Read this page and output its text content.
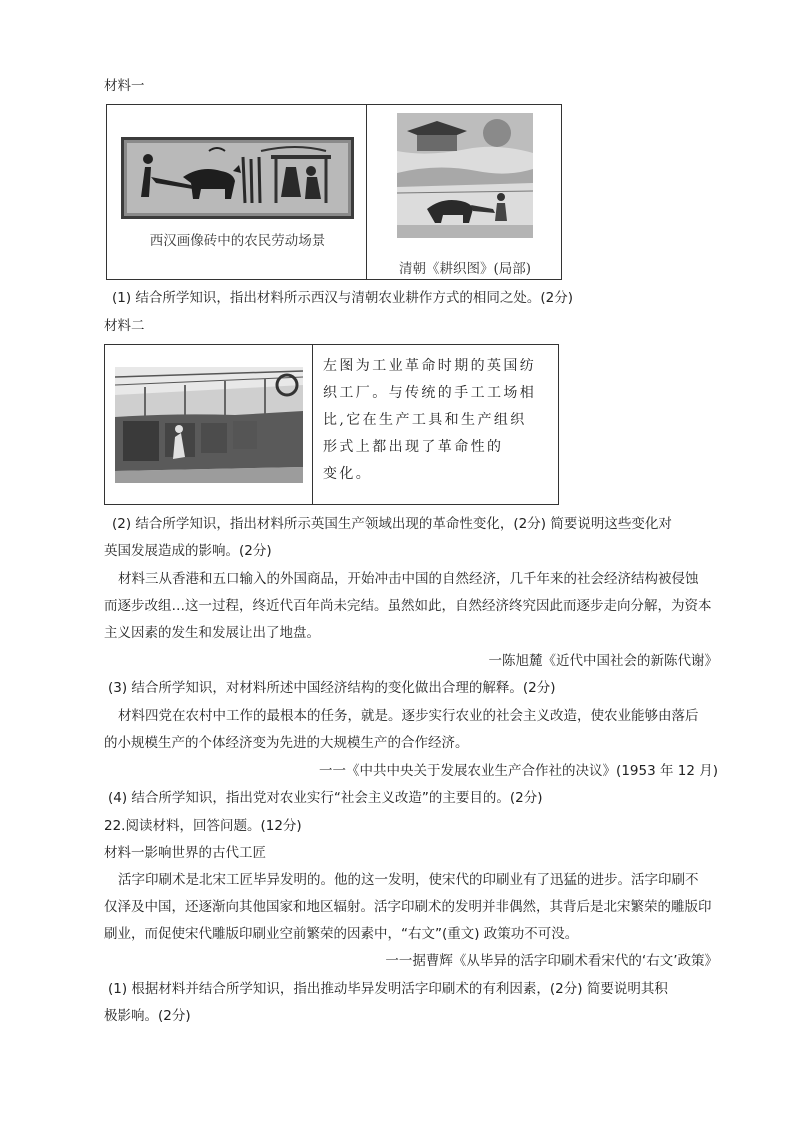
材料一
西汉画像砖中的农民劳动场景
清朝《耕织图》(局部)
(1) 结合所学知识，指出材料所示西汉与清朝农业耕作方式的相同之处。(2分)
材料二
左图为工业革命时期的英国纺
织工厂。与传统的手工工场相
比,它在生产工具和生产组织
形式上都出现了革命性的
变化。
(2) 结合所学知识，指出材料所示英国生产领域出现的革命性变化，(2分) 简要说明这些变化对
英国发展造成的影响。(2分)
材料三从香港和五口输入的外国商品，开始冲击中国的自然经济，几千年来的社会经济结构被侵蚀
而逐步改组…这一过程，终近代百年尚未完结。虽然如此，自然经济终究因此而逐步走向分解，为资本
主义因素的发生和发展让出了地盘。
一陈旭麓《近代中国社会的新陈代谢》
(3) 结合所学知识，对材料所述中国经济结构的变化做出合理的解释。(2分)
材料四党在农村中工作的最根本的任务，就是。逐步实行农业的社会主义改造，使农业能够由落后
的小规模生产的个体经济变为先进的大规模生产的合作经济。
一一《中共中央关于发展农业生产合作社的决议》(1953 年 12 月)
(4) 结合所学知识，指出党对农业实行“社会主义改造”的主要目的。(2分)
22.阅读材料，回答问题。(12分)
材料一影响世界的古代工匠
活字印刷术是北宋工匠毕异发明的。他的这一发明，使宋代的印刷业有了迅猛的进步。活字印刷不
仅泽及中国，还逐渐向其他国家和地区辐射。活字印刷术的发明并非偶然，其背后是北宋繁荣的雕版印
刷业，而促使宋代雕版印刷业空前繁荣的因素中，“右文”(重文) 政策功不可没。
一一据曹辉《从毕异的活字印刷术看宋代的‘右文’政策》
(1) 根据材料并结合所学知识，指出推动毕异发明活字印刷术的有利因素，(2分) 简要说明其积
极影响。(2分)
